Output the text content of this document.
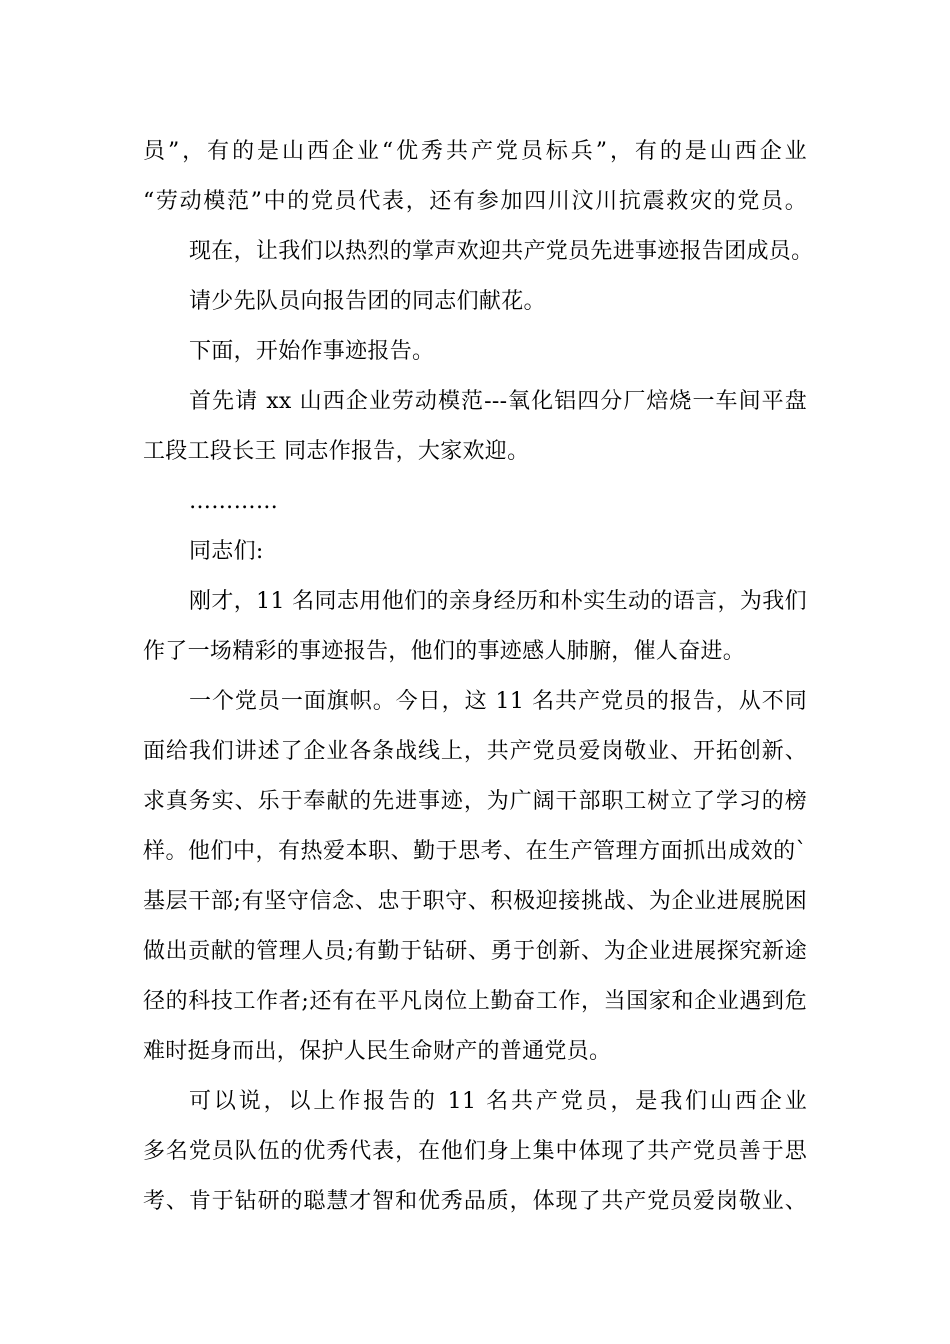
员”，有的是山西企业“优秀共产党员标兵”，有的是山西企业
“劳动模范”中的党员代表，还有参加四川汶川抗震救灾的党员。
现在，让我们以热烈的掌声欢迎共产党员先进事迹报告团成员。
请少先队员向报告团的同志们献花。
下面，开始作事迹报告。
首先请 xx 山西企业劳动模范---氧化铝四分厂焙烧一车间平盘
工段工段长王 同志作报告，大家欢迎。
…………
同志们:
刚才，11 名同志用他们的亲身经历和朴实生动的语言，为我们
作了一场精彩的事迹报告，他们的事迹感人肺腑，催人奋进。
一个党员一面旗帜。今日，这 11 名共产党员的报告，从不同
面给我们讲述了企业各条战线上，共产党员爱岗敬业、开拓创新、
求真务实、乐于奉献的先进事迹，为广阔干部职工树立了学习的榜
样。他们中，有热爱本职、勤于思考、在生产管理方面抓出成效的`
基层干部;有坚守信念、忠于职守、积极迎接挑战、为企业进展脱困
做出贡献的管理人员;有勤于钻研、勇于创新、为企业进展探究新途
径的科技工作者;还有在平凡岗位上勤奋工作，当国家和企业遇到危
难时挺身而出，保护人民生命财产的普通党员。
可以说，以上作报告的 11 名共产党员，是我们山西企业
多名党员队伍的优秀代表，在他们身上集中体现了共产党员善于思
考、肯于钻研的聪慧才智和优秀品质，体现了共产党员爱岗敬业、
